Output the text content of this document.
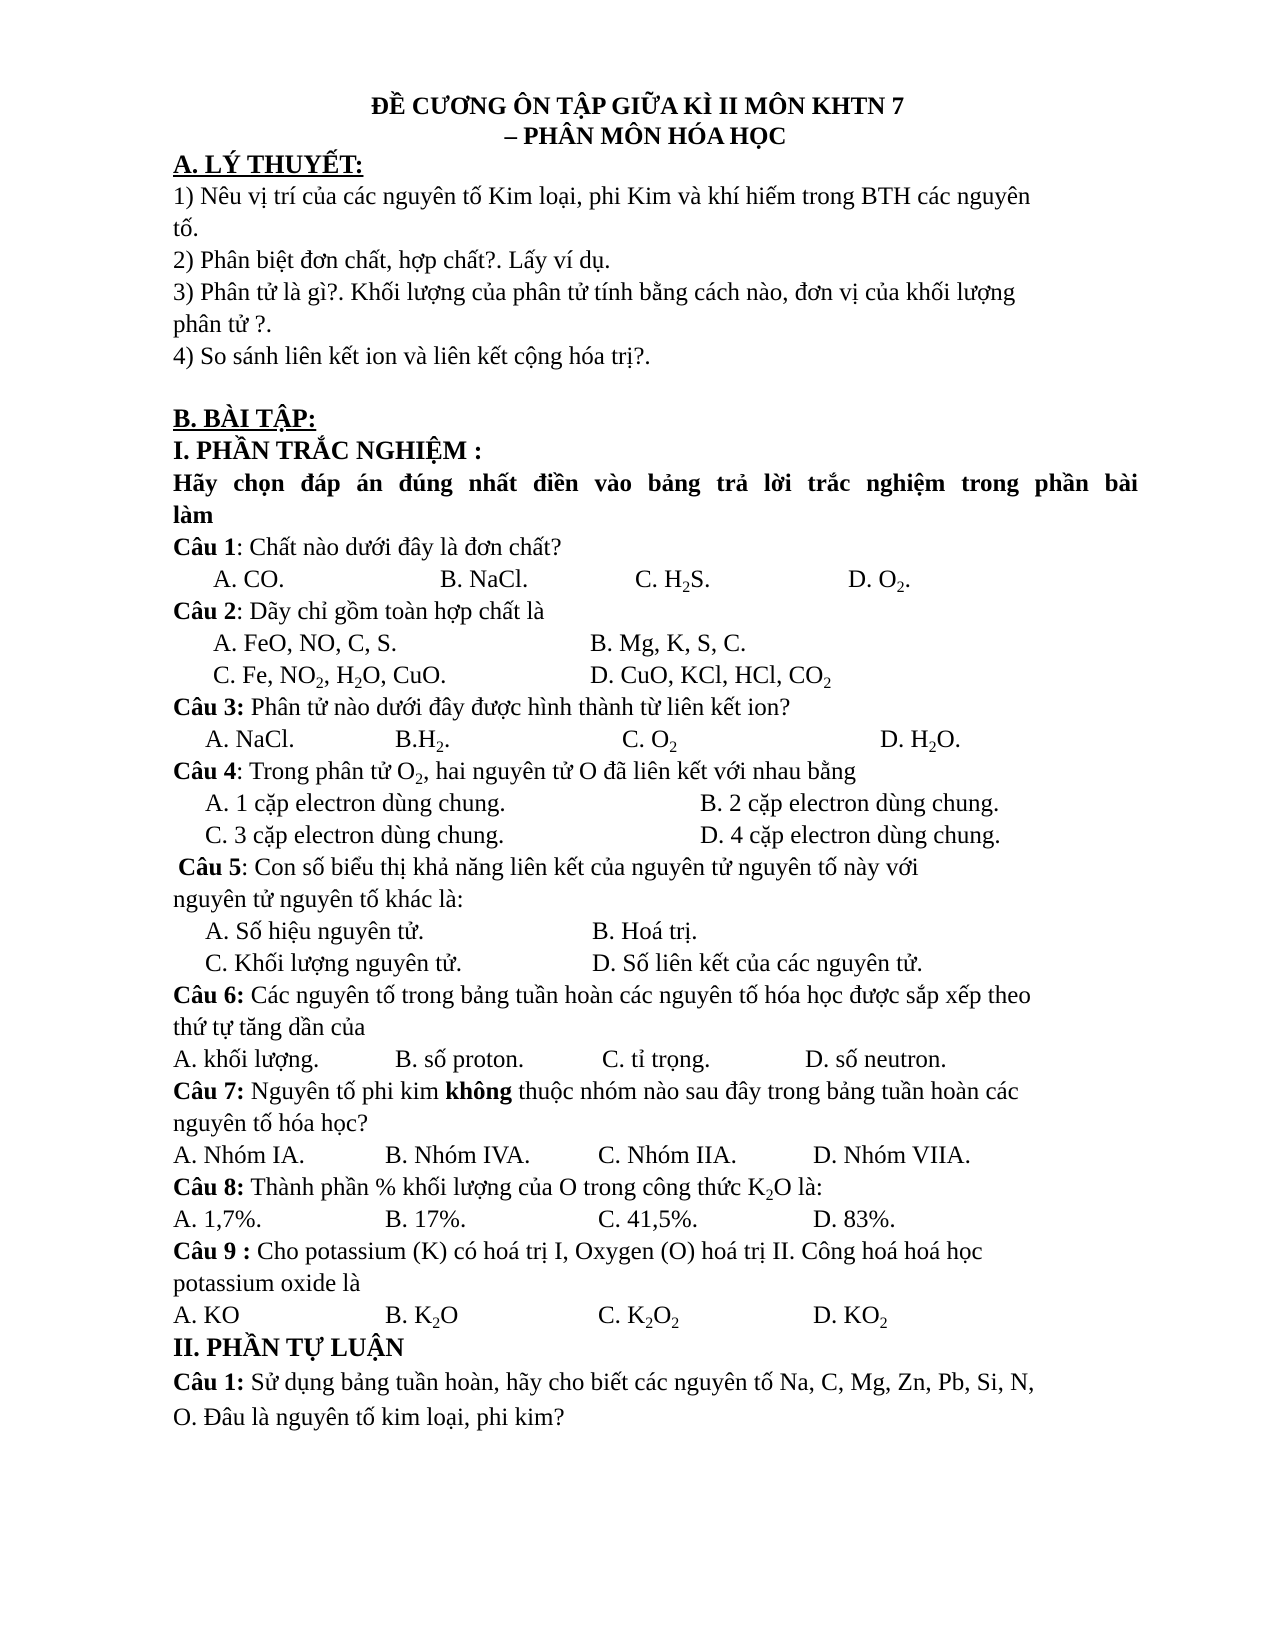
ĐỀ CƯƠNG ÔN TẬP GIỮA KÌ II MÔN KHTN 7
– PHÂN MÔN HÓA HỌC
A. LÝ THUYẾT:
1) Nêu vị trí của các nguyên tố Kim loại, phi Kim và khí hiếm trong BTH các nguyên
tố.
2) Phân biệt đơn chất, hợp chất?. Lấy ví dụ.
3) Phân tử là gì?. Khối lượng của phân tử tính bằng cách nào, đơn vị của khối lượng
phân tử ?.
4) So sánh liên kết ion và liên kết cộng hóa trị?.
B. BÀI TẬP:
I. PHẦN TRẮC NGHIỆM :
Hãy chọn đáp án đúng nhất điền vào bảng trả lời trắc nghiệm trong phần bài
làm
Câu 1: Chất nào dưới đây là đơn chất?
A. CO.	B. NaCl.	C. $H_2S$.	D. $O_2$.
Câu 2: Dãy chỉ gồm toàn hợp chất là
A. FeO, NO, C, S.	B. Mg, K, S, C.
C. Fe, $NO_2$, $H_2O$, CuO.	D. CuO, KCl, HCl, $CO_2$
Câu 3: Phân tử nào dưới đây được hình thành từ liên kết ion?
A. NaCl.	$B.H_2$.	C. $O_2$	D. $H_2O$.
Câu 4: Trong phân tử $O_2$, hai nguyên tử O đã liên kết với nhau bằng
A. 1 cặp electron dùng chung.	B. 2 cặp electron dùng chung.
C. 3 cặp electron dùng chung.	D. 4 cặp electron dùng chung.
Câu 5: Con số biểu thị khả năng liên kết của nguyên tử nguyên tố này với
nguyên tử nguyên tố khác là:
A. Số hiệu nguyên tử.	B. Hoá trị.
C. Khối lượng nguyên tử.	D. Số liên kết của các nguyên tử.
Câu 6: Các nguyên tố trong bảng tuần hoàn các nguyên tố hóa học được sắp xếp theo
thứ tự tăng dần của
A. khối lượng.	B. số proton.	C. tỉ trọng.	D. số neutron.
Câu 7: Nguyên tố phi kim không thuộc nhóm nào sau đây trong bảng tuần hoàn các
nguyên tố hóa học?
A. Nhóm IA.	B. Nhóm IVA.	C. Nhóm IIA.	D. Nhóm VIIA.
Câu 8: Thành phần % khối lượng của O trong công thức $K_2O$ là:
A. 1,7%.	B. 17%.	C. 41,5%.	D. 83%.
Câu 9 : Cho potassium (K) có hoá trị I, Oxygen (O) hoá trị II. Công hoá hoá học
potassium oxide là
A. KO	B. $K_2O$	C. $K_2O_2$	D. $KO_2$
II. PHẦN TỰ LUẬN
Câu 1: Sử dụng bảng tuần hoàn, hãy cho biết các nguyên tố Na, C, Mg, Zn, Pb, Si, N,
O. Đâu là nguyên tố kim loại, phi kim?
